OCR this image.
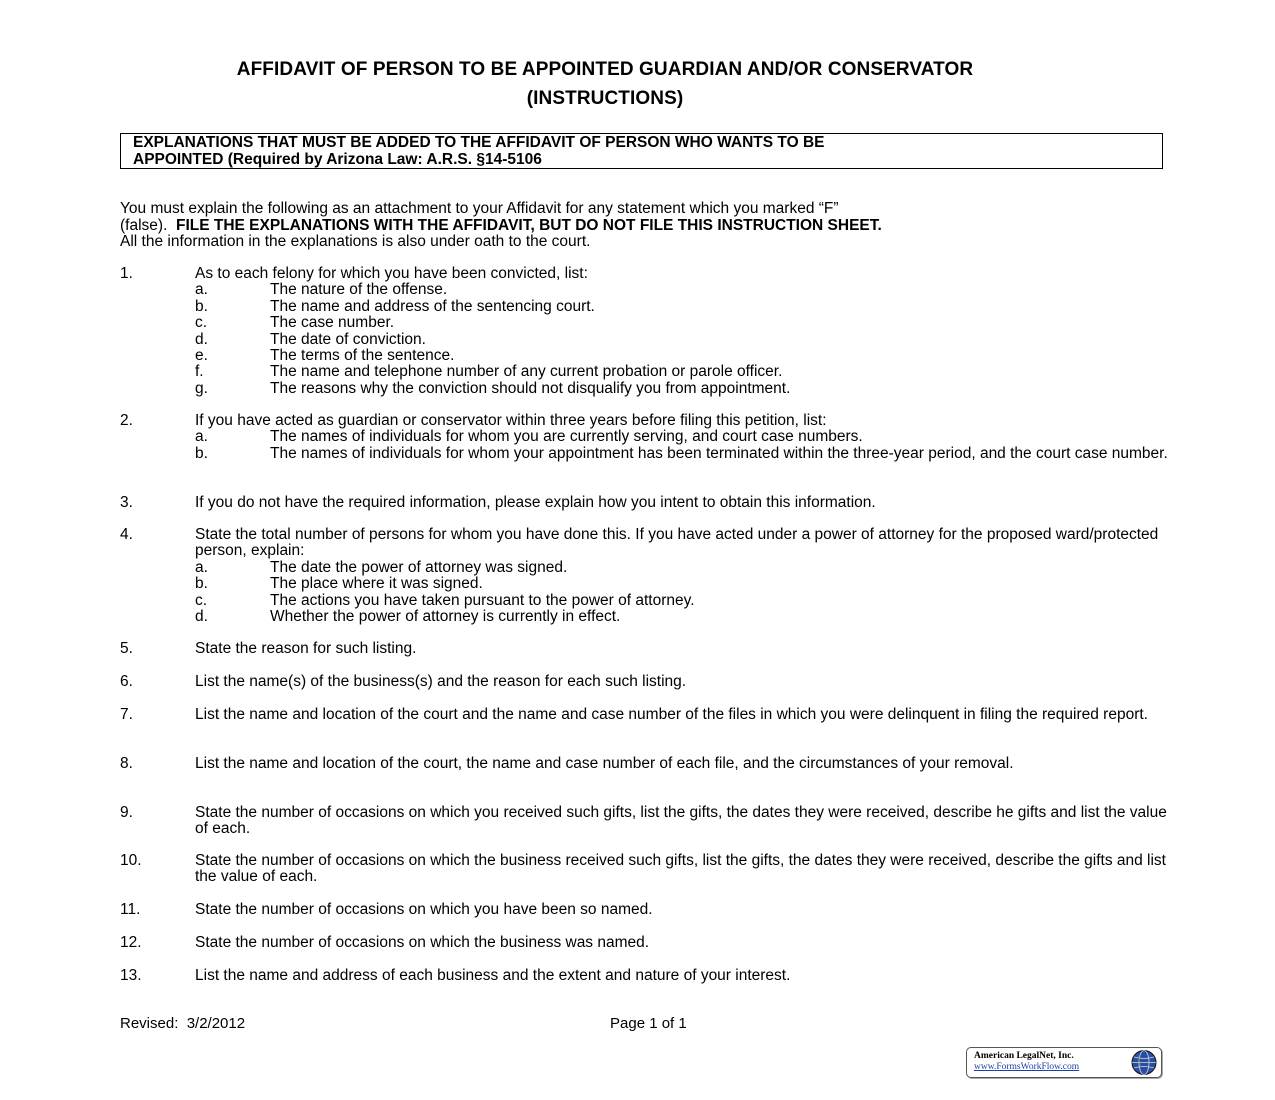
AFFIDAVIT OF PERSON TO BE APPOINTED GUARDIAN AND/OR CONSERVATOR
(INSTRUCTIONS)
EXPLANATIONS THAT MUST BE ADDED TO THE AFFIDAVIT OF PERSON WHO WANTS TO BE
APPOINTED (Required by Arizona Law: A.R.S. §14-5106
You must explain the following as an attachment to your Affidavit for any statement which you marked “F”
(false).  FILE THE EXPLANATIONS WITH THE AFFIDAVIT, BUT DO NOT FILE THIS INSTRUCTION SHEET.
All the information in the explanations is also under oath to the court.
1.	As to each felony for which you have been convicted, list:
a.	The nature of the offense.
b.	The name and address of the sentencing court.
c.	The case number.
d.	The date of conviction.
e.	The terms of the sentence.
f.	The name and telephone number of any current probation or parole officer.
g.	The reasons why the conviction should not disqualify you from appointment.
2.	If you have acted as guardian or conservator within three years before filing this petition, list:
a.	The names of individuals for whom you are currently serving, and court case numbers.
b.	The names of individuals for whom your appointment has been terminated within the three-year period, and the court case number.
3.	If you do not have the required information, please explain how you intent to obtain this information.
4.	State the total number of persons for whom you have done this. If you have acted under a power of attorney for the proposed ward/protected person, explain:
a.	The date the power of attorney was signed.
b.	The place where it was signed.
c.	The actions you have taken pursuant to the power of attorney.
d.	Whether the power of attorney is currently in effect.
5.	State the reason for such listing.
6.	List the name(s) of the business(s) and the reason for each such listing.
7.	List the name and location of the court and the name and case number of the files in which you were delinquent in filing the required report.
8.	List the name and location of the court, the name and case number of each file, and the circumstances of your removal.
9.	State the number of occasions on which you received such gifts, list the gifts, the dates they were received, describe he gifts and list the value of each.
10.	State the number of occasions on which the business received such gifts, list the gifts, the dates they were received, describe the gifts and list the value of each.
11.	State the number of occasions on which you have been so named.
12.	State the number of occasions on which the business was named.
13.	List the name and address of each business and the extent and nature of your interest.
Revised:  3/2/2012	Page 1 of 1
American LegalNet, Inc.
www.FormsWorkFlow.com
